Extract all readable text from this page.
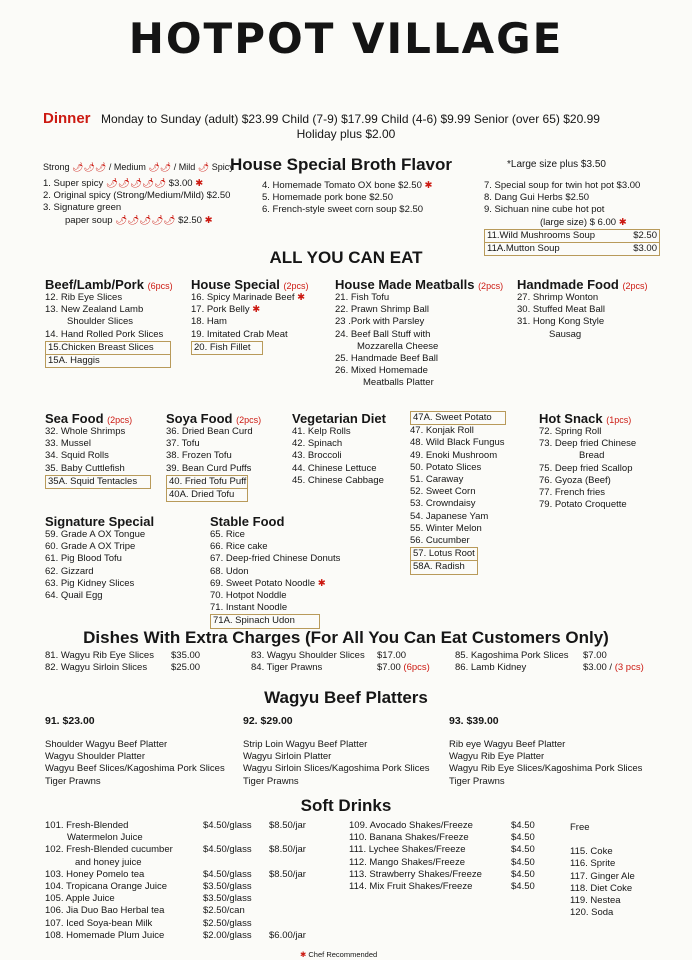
HOTPOT VILLAGE
Dinner Monday to Sunday (adult) $23.99 Child (7-9) $17.99 Child (4-6) $9.99 Senior (over 65) $20.99
Holiday plus $2.00
Strong 🌶🌶🌶 / Medium 🌶🌶 / Mild 🌶 Spicy
House Special Broth Flavor	*Large size plus $3.50
1. Super spicy 🌶🌶🌶🌶🌶 $3.00 ✱
2. Original spicy (Strong/Medium/Mild) $2.50
3. Signature green
paper soup 🌶🌶🌶🌶🌶 $2.50 ✱
4. Homemade Tomato OX bone $2.50 ✱
5. Homemade pork bone $2.50
6. French-style sweet corn soup $2.50
7. Special soup for twin hot pot $3.00
8. Dang Gui Herbs $2.50
9. Sichuan nine cube hot pot
(large size) $ 6.00 ✱
11.Wild Mushrooms Soup	$2.50
11A.Mutton Soup	$3.00
ALL YOU CAN EAT
Beef/Lamb/Pork (6pcs)
12. Rib Eye Slices
13. New Zealand Lamb
Shoulder Slices
14. Hand Rolled Pork Slices
15.Chicken Breast Slices
15A. Haggis
House Special (2pcs)
16. Spicy Marinade Beef ✱
17. Pork Belly ✱
18. Ham
19. Imitated Crab Meat
20. Fish Fillet
House Made Meatballs (2pcs)
21. Fish Tofu
22. Prawn Shrimp Ball
23 .Pork with Parsley
24. Beef Ball Stuff with
Mozzarella Cheese
25. Handmade Beef Ball
26. Mixed Homemade
Meatballs Platter
Handmade Food (2pcs)
27. Shrimp Wonton
30. Stuffed Meat Ball
31. Hong Kong Style
Sausag
Sea Food (2pcs)
32. Whole Shrimps
33. Mussel
34. Squid Rolls
35. Baby Cuttlefish
35A. Squid Tentacles
Soya Food (2pcs)
36. Dried Bean Curd
37. Tofu
38. Frozen Tofu
39. Bean Curd Puffs
40. Fried Tofu Puff
40A. Dried Tofu
Vegetarian Diet
41. Kelp Rolls
42. Spinach
43. Broccoli
44. Chinese Lettuce
45. Chinese Cabbage
47A. Sweet Potato
47. Konjak Roll
48. Wild Black Fungus
49. Enoki Mushroom
50. Potato Slices
51. Caraway
52. Sweet Corn
53. Crowndaisy
54. Japanese Yam
55. Winter Melon
56. Cucumber
57. Lotus Root
58A. Radish
Hot Snack (1pcs)
72. Spring Roll
73. Deep fried Chinese
Bread
75. Deep fried Scallop
76. Gyoza (Beef)
77. French fries
79. Potato Croquette
Signature Special
59. Grade A OX Tongue
60. Grade A OX Tripe
61. Pig Blood Tofu
62. Gizzard
63. Pig Kidney Slices
64. Quail Egg
Stable Food
65. Rice
66. Rice cake
67. Deep-fried Chinese Donuts
68. Udon
69. Sweet Potato Noodle ✱
70. Hotpot Noddle
71. Instant Noodle
71A. Spinach Udon
Dishes With Extra Charges (For All You Can Eat Customers Only)
81. Wagyu Rib Eye Slices	$35.00	83. Wagyu Shoulder Slices	$17.00	85. Kagoshima Pork Slices	$7.00
82. Wagyu Sirloin Slices	$25.00	84. Tiger Prawns	$7.00 (6pcs)	86. Lamb Kidney	$3.00 / (3 pcs)
Wagyu Beef Platters
91. $23.00
Shoulder Wagyu Beef Platter
Wagyu Shoulder Platter
Wagyu Beef Slices/Kagoshima Pork Slices
Tiger Prawns
92. $29.00
Strip Loin Wagyu Beef Platter
Wagyu Sirloin Platter
Wagyu Sirloin Slices/Kagoshima Pork Slices
Tiger Prawns
93. $39.00
Rib eye Wagyu Beef Platter
Wagyu Rib Eye Platter
Wagyu Rib Eye Slices/Kagoshima Pork Slices
Tiger Prawns
Soft Drinks
101. Fresh-Blended	$4.50/glass	$8.50/jar
Watermelon Juice
102. Fresh-Blended cucumber	$4.50/glass	$8.50/jar
and honey juice
103. Honey Pomelo tea	$4.50/glass	$8.50/jar
104. Tropicana Orange Juice	$3.50/glass
105. Apple Juice	$3.50/glass
106. Jia Duo Bao Herbal tea	$2.50/can
107. Iced Soya-bean Milk	$2.50/glass
108. Homemade Plum Juice	$2.00/glass	$6.00/jar
109. Avocado Shakes/Freeze	$4.50
110. Banana Shakes/Freeze	$4.50
111. Lychee Shakes/Freeze	$4.50
112. Mango Shakes/Freeze	$4.50
113. Strawberry Shakes/Freeze	$4.50
114. Mix Fruit Shakes/Freeze	$4.50
Free
115. Coke
116. Sprite
117. Ginger Ale
118. Diet Coke
119. Nestea
120. Soda
✱ Chef Recommended
